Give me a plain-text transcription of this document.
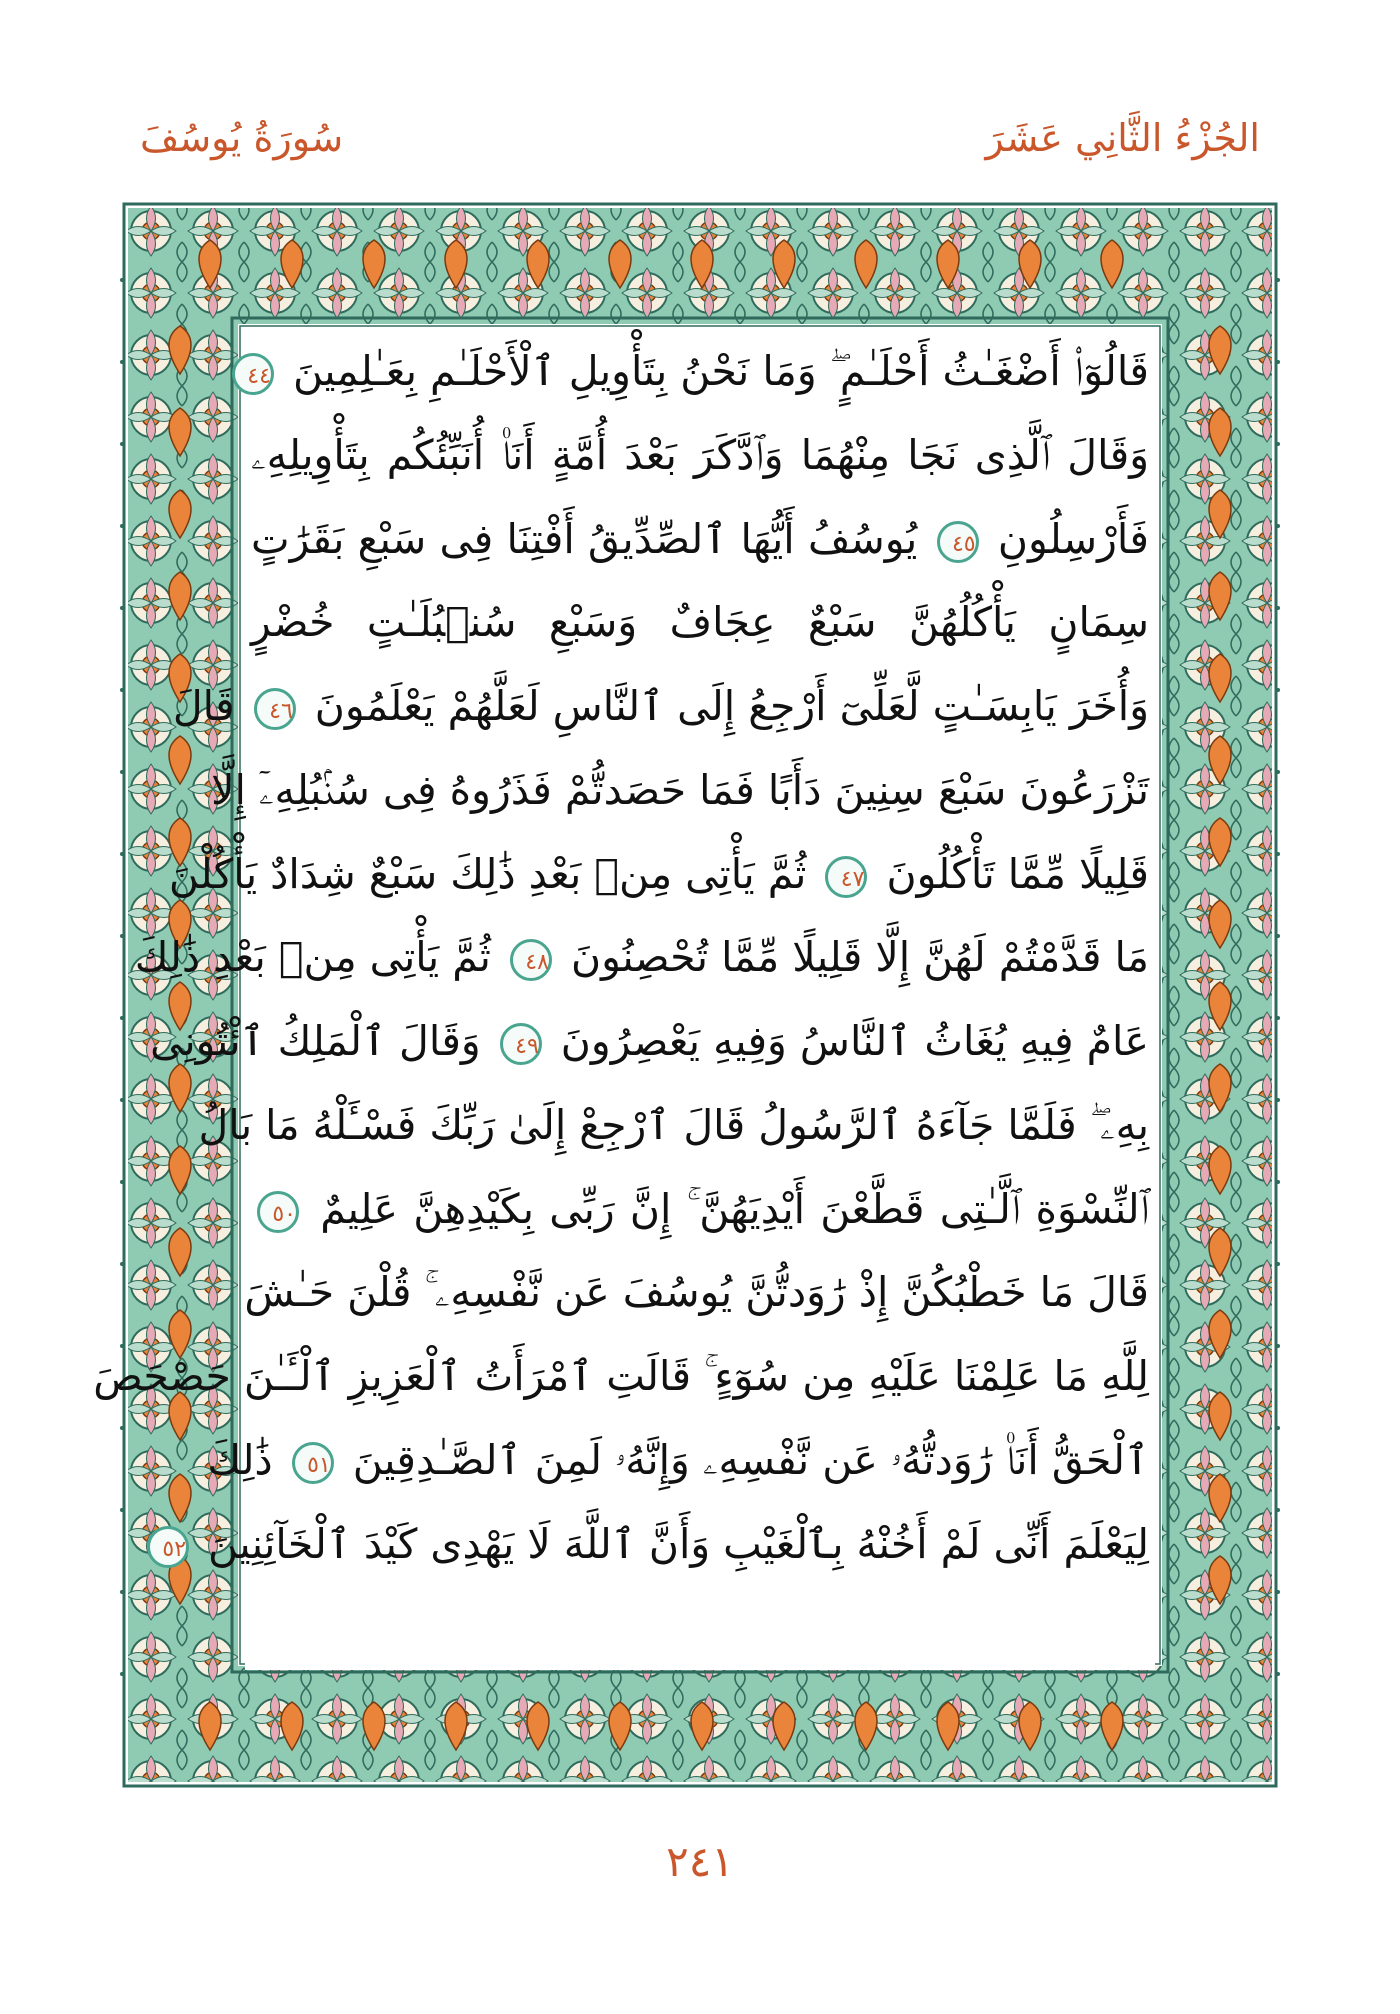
الجُزْءُ الثَّانِي عَشَرَ
سُورَةُ يُوسُفَ
قَالُوٓا۟ أَضْغَـٰثُ أَحْلَـٰمٍ ۖ وَمَا نَحْنُ بِتَأْوِيلِ ٱلْأَحْلَـٰمِ بِعَـٰلِمِينَ ٤٤
وَقَالَ ٱلَّذِى نَجَا مِنْهُمَا وَٱدَّكَرَ بَعْدَ أُمَّةٍ أَنَا۠ أُنَبِّئُكُم بِتَأْوِيلِهِۦ
فَأَرْسِلُونِ ٤٥ يُوسُفُ أَيُّهَا ٱلصِّدِّيقُ أَفْتِنَا فِى سَبْعِ بَقَرَٰتٍ
سِمَانٍ يَأْكُلُهُنَّ سَبْعٌ عِجَافٌ وَسَبْعِ سُنۢبُلَـٰتٍ خُضْرٍ
وَأُخَرَ يَابِسَـٰتٍ لَّعَلِّىٓ أَرْجِعُ إِلَى ٱلنَّاسِ لَعَلَّهُمْ يَعْلَمُونَ ٤٦ قَالَ
تَزْرَعُونَ سَبْعَ سِنِينَ دَأَبًا فَمَا حَصَدتُّمْ فَذَرُوهُ فِى سُنۢبُلِهِۦٓ إِلَّا
قَلِيلًا مِّمَّا تَأْكُلُونَ ٤٧ ثُمَّ يَأْتِى مِنۢ بَعْدِ ذَٰلِكَ سَبْعٌ شِدَادٌ يَأْكُلْنَ
مَا قَدَّمْتُمْ لَهُنَّ إِلَّا قَلِيلًا مِّمَّا تُحْصِنُونَ ٤٨ ثُمَّ يَأْتِى مِنۢ بَعْدِ ذَٰلِكَ
عَامٌ فِيهِ يُغَاثُ ٱلنَّاسُ وَفِيهِ يَعْصِرُونَ ٤٩ وَقَالَ ٱلْمَلِكُ ٱئْتُونِى
بِهِۦ ۖ فَلَمَّا جَآءَهُ ٱلرَّسُولُ قَالَ ٱرْجِعْ إِلَىٰ رَبِّكَ فَسْـَٔلْهُ مَا بَالُ
ٱلنِّسْوَةِ ٱلَّـٰتِى قَطَّعْنَ أَيْدِيَهُنَّ ۚ إِنَّ رَبِّى بِكَيْدِهِنَّ عَلِيمٌ ٥٠
قَالَ مَا خَطْبُكُنَّ إِذْ رَٰوَدتُّنَّ يُوسُفَ عَن نَّفْسِهِۦ ۚ قُلْنَ حَـٰشَ
لِلَّهِ مَا عَلِمْنَا عَلَيْهِ مِن سُوٓءٍ ۚ قَالَتِ ٱمْرَأَتُ ٱلْعَزِيزِ ٱلْـَٔـٰنَ حَصْحَصَ
ٱلْحَقُّ أَنَا۠ رَٰوَدتُّهُۥ عَن نَّفْسِهِۦ وَإِنَّهُۥ لَمِنَ ٱلصَّـٰدِقِينَ ٥١ ذَٰلِكَ
لِيَعْلَمَ أَنِّى لَمْ أَخُنْهُ بِٱلْغَيْبِ وَأَنَّ ٱللَّهَ لَا يَهْدِى كَيْدَ ٱلْخَآئِنِينَ ٥٢
٢٤١
